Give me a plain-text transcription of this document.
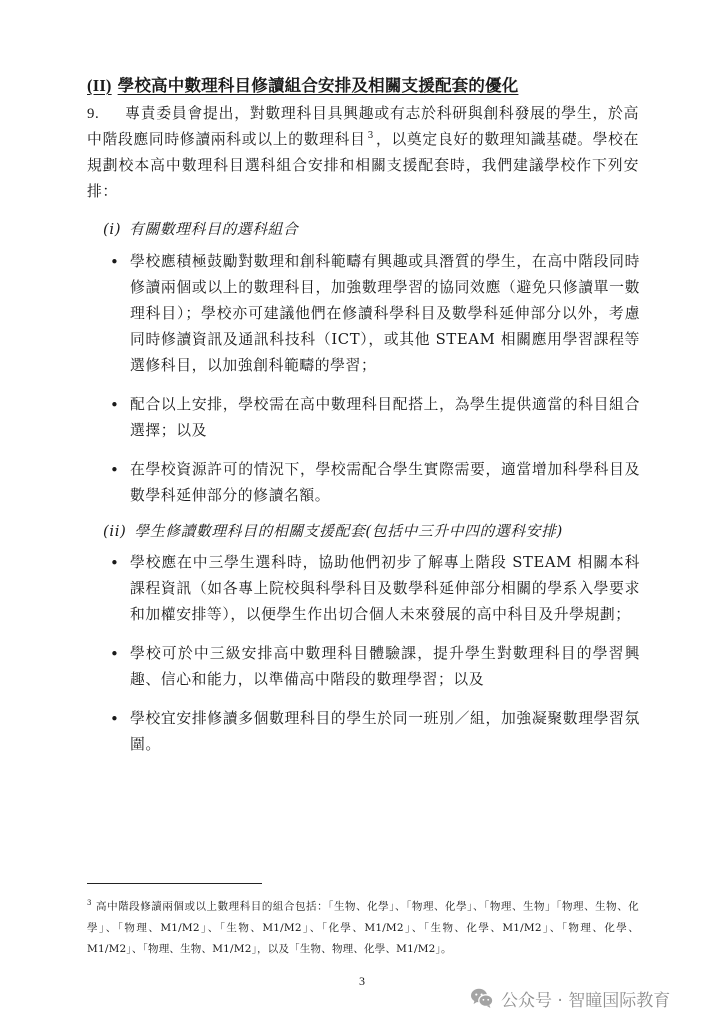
(II) 學校高中數理科目修讀組合安排及相關支援配套的優化
9. 專責委員會提出，對數理科目具興趣或有志於科研與創科發展的學生，於高中階段應同時修讀兩科或以上的數理科目 $^3$ ，以奠定良好的數理知識基礎。學校在規劃校本高中數理科目選科組合安排和相關支援配套時，我們建議學校作下列安排：
(i) 有關數理科目的選科組合
• 學校應積極鼓勵對數理和創科範疇有興趣或具潛質的學生，在高中階段同時修讀兩個或以上的數理科目，加強數理學習的協同效應（避免只修讀單一數理科目）；學校亦可建議他們在修讀科學科目及數學科延伸部分以外，考慮同時修讀資訊及通訊科技科（ICT），或其他 STEAM 相關應用學習課程等選修科目，以加強創科範疇的學習；
• 配合以上安排，學校需在高中數理科目配搭上，為學生提供適當的科目組合選擇；以及
• 在學校資源許可的情況下，學校需配合學生實際需要，適當增加科學科目及數學科延伸部分的修讀名額。
(ii) 學生修讀數理科目的相關支援配套(包括中三升中四的選科安排)
• 學校應在中三學生選科時，協助他們初步了解專上階段 STEAM 相關本科課程資訊（如各專上院校與科學科目及數學科延伸部分相關的學系入學要求和加權安排等），以便學生作出切合個人未來發展的高中科目及升學規劃；
• 學校可於中三級安排高中數理科目體驗課，提升學生對數理科目的學習興趣、信心和能力，以準備高中階段的數理學習；以及
• 學校宜安排修讀多個數理科目的學生於同一班別／組，加強凝聚數理學習氛圍。
$^3$ 高中階段修讀兩個或以上數理科目的組合包括：「生物、化學」、「物理、化學」、「物理、生物」「物理、生物、化學」、「物理、M1/M2」、「生物、M1/M2」、「化學、M1/M2」、「生物、化學、M1/M2」、「物理、化學、M1/M2」、「物理、生物、M1/M2」，以及「生物、物理、化學、M1/M2」。
3
公众号 · 智瞳国际教育
